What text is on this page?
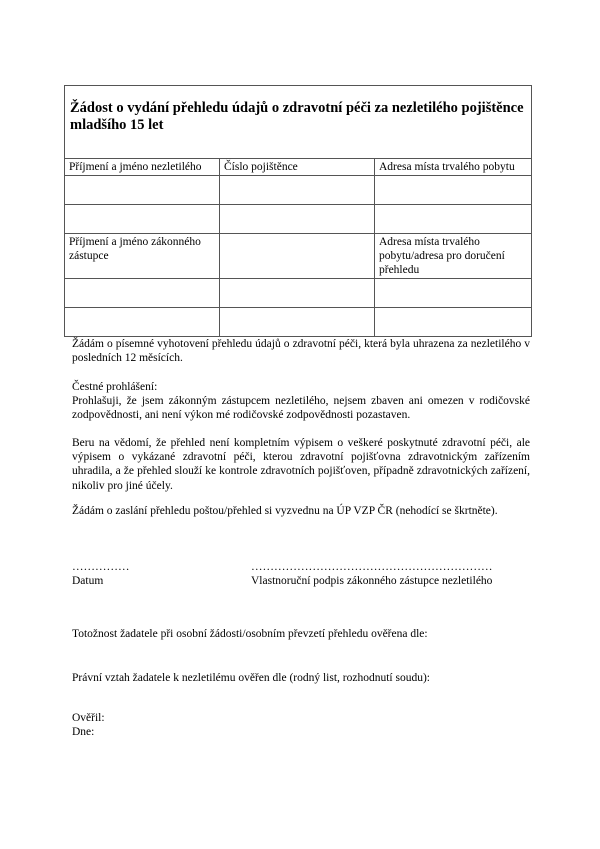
Žádost o vydání přehledu údajů o zdravotní péči za nezletilého pojištěnce mladšího 15 let		
Příjmení a jméno nezletilého	Číslo pojištěnce	Adresa místa trvalého pobytu

Příjmení a jméno zákonného zástupce		Adresa místa trvalého pobytu/adresa pro doručení přehledu

Žádám o písemné vyhotovení přehledu údajů o zdravotní péči, která byla uhrazena za nezletilého v posledních 12 měsících.

Čestné prohlášení:

Prohlašuji, že jsem zákonným zástupcem nezletilého, nejsem zbaven ani omezen v rodičovské zodpovědnosti, ani není výkon mé rodičovské zodpovědnosti pozastaven.

Beru na vědomí, že přehled není kompletním výpisem o veškeré poskytnuté zdravotní péči, ale výpisem o vykázané zdravotní péči, kterou zdravotní pojišťovna zdravotnickým zařízením uhradila, a že přehled slouží ke kontrole zdravotních pojišťoven, případně zdravotnických zařízení, nikoliv pro jiné účely.

Žádám o zaslání přehledu poštou/přehled si vyzvednu na ÚP VZP ČR (nehodící se škrtněte).

……………
Datum
………………………………………………………
Vlastnoruční podpis zákonného zástupce nezletilého

Totožnost žadatele při osobní žádosti/osobním převzetí přehledu ověřena dle:

Právní vztah žadatele k nezletilému ověřen dle (rodný list, rozhodnutí soudu):

Ověřil:

Dne:
